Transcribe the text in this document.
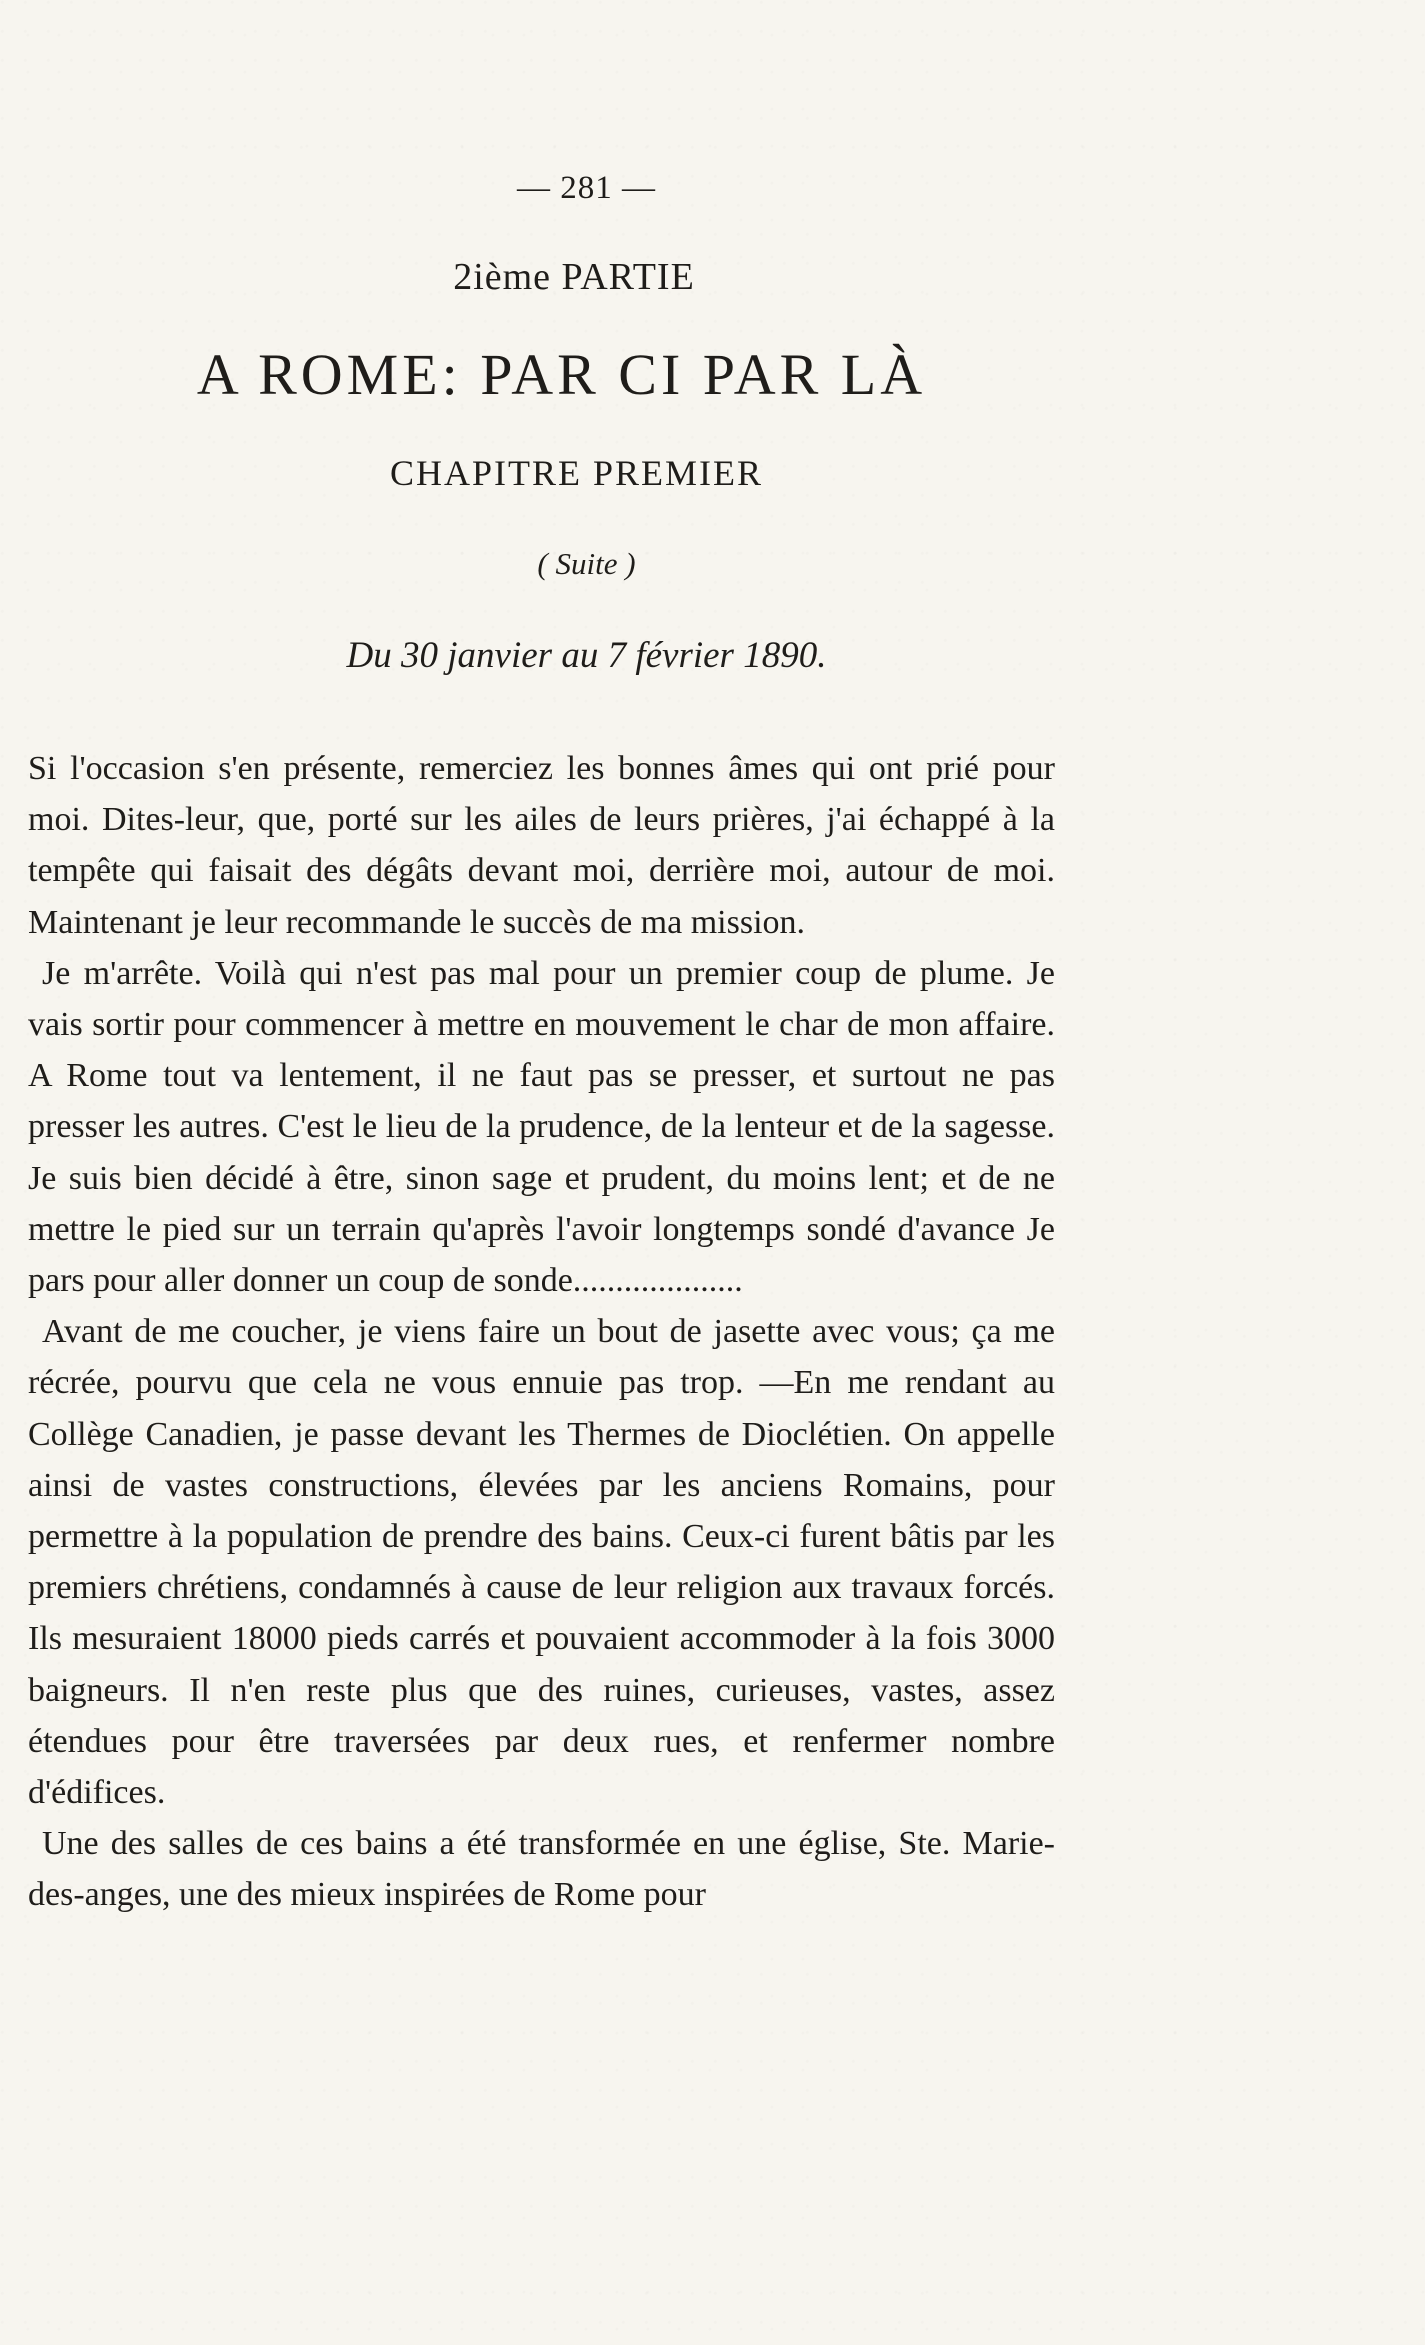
— 281 —
2ième PARTIE
A ROME: PAR CI PAR LÀ
CHAPITRE PREMIER
( Suite )
Du 30 janvier au 7 février 1890.

Si l'occasion s'en présente, remerciez les bonnes âmes qui ont prié pour moi. Dites-leur, que, porté sur les ailes de leurs prières, j'ai échappé à la tempête qui faisait des dégâts devant moi, derrière moi, autour de moi. Maintenant je leur recommande le succès de ma mission.

Je m'arrête. Voilà qui n'est pas mal pour un premier coup de plume. Je vais sortir pour commencer à mettre en mouvement le char de mon affaire. A Rome tout va lentement, il ne faut pas se presser, et surtout ne pas presser les autres. C'est le lieu de la prudence, de la lenteur et de la sagesse. Je suis bien décidé à être, sinon sage et prudent, du moins lent; et de ne mettre le pied sur un terrain qu'après l'avoir longtemps sondé d'avance Je pars pour aller donner un coup de sonde....................

Avant de me coucher, je viens faire un bout de jasette avec vous; ça me récrée, pourvu que cela ne vous ennuie pas trop. —En me rendant au Collège Canadien, je passe devant les Thermes de Dioclétien. On appelle ainsi de vastes constructions, élevées par les anciens Romains, pour permettre à la population de prendre des bains. Ceux-ci furent bâtis par les premiers chrétiens, condamnés à cause de leur religion aux travaux forcés. Ils mesuraient 18000 pieds carrés et pouvaient accommoder à la fois 3000 baigneurs. Il n'en reste plus que des ruines, curieuses, vastes, assez étendues pour être traversées par deux rues, et renfermer nombre d'édifices.

Une des salles de ces bains a été transformée en une église, Ste. Marie-des-anges, une des mieux inspirées de Rome pour
